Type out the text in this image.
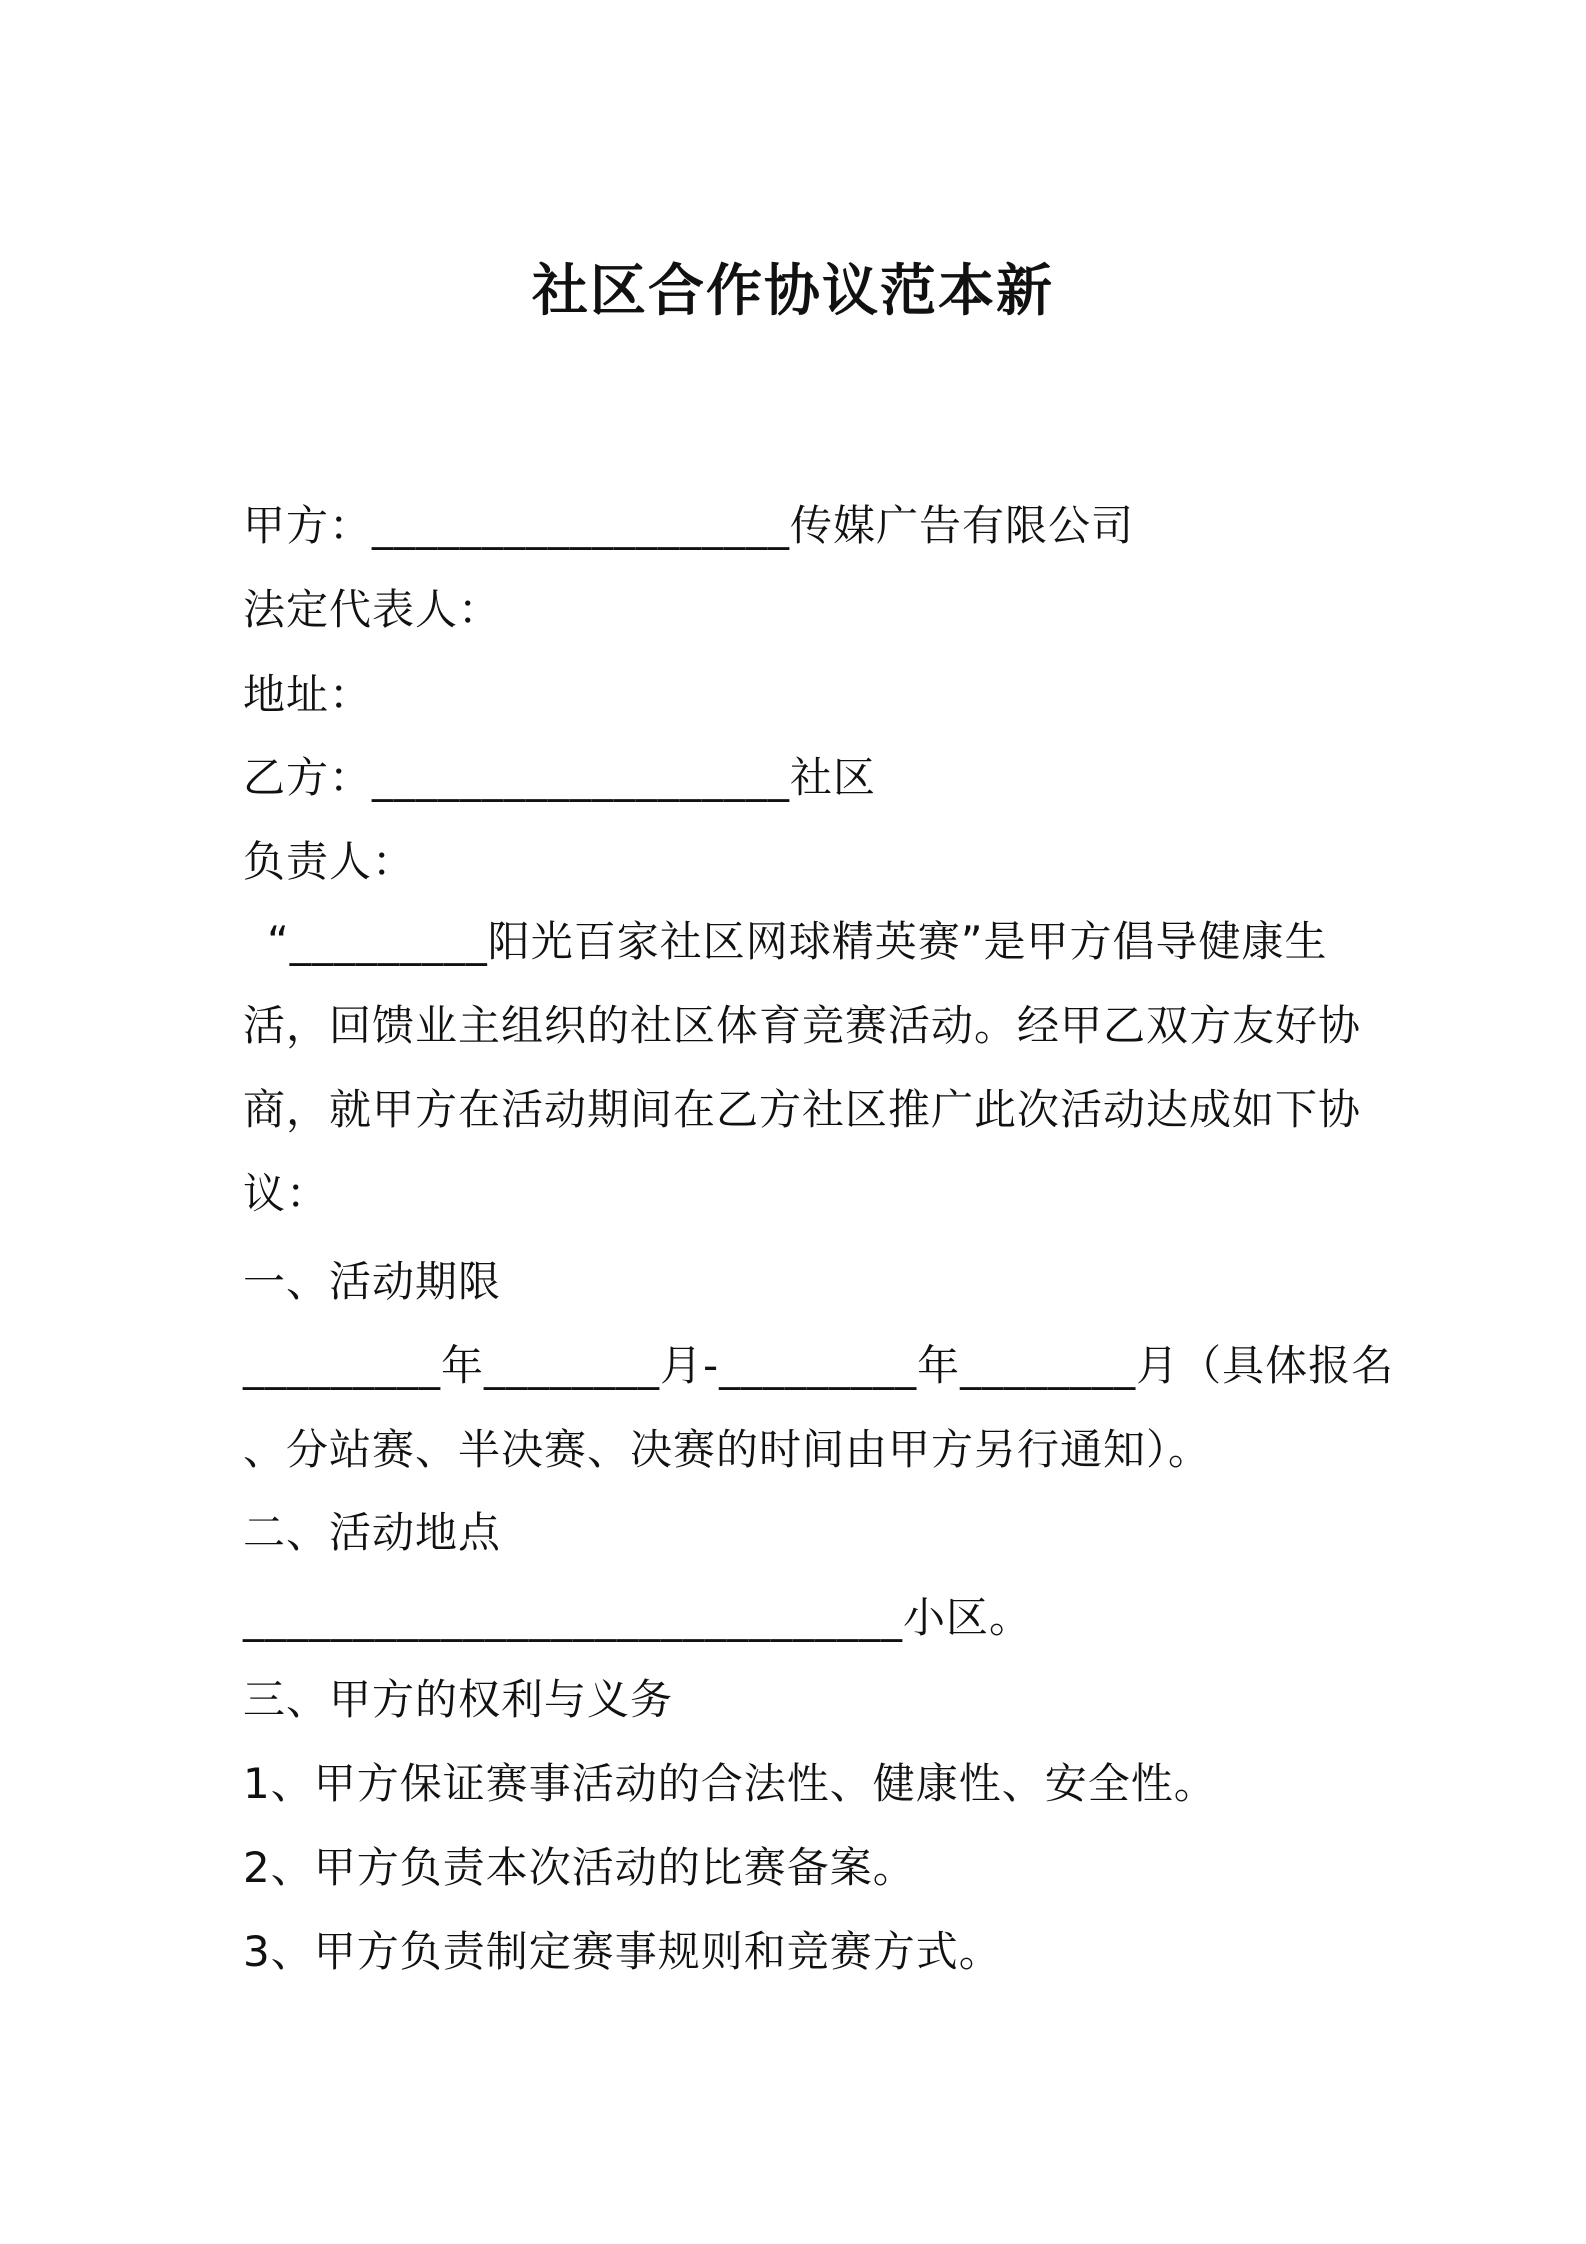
社区合作协议范本新
甲方：___________________传媒广告有限公司
法定代表人：
地址：
乙方：___________________社区
负责人：
“_________阳光百家社区网球精英赛”是甲方倡导健康生活，回馈业主组织的社区体育竞赛活动。经甲乙双方友好协商，就甲方在活动期间在乙方社区推广此次活动达成如下协议：
一、活动期限
_________年________月-_________年________月（具体报名
、分站赛、半决赛、决赛的时间由甲方另行通知）。
二、活动地点
______________________________小区。
三、甲方的权利与义务
1、甲方保证赛事活动的合法性、健康性、安全性。
2、甲方负责本次活动的比赛备案。
3、甲方负责制定赛事规则和竞赛方式。
